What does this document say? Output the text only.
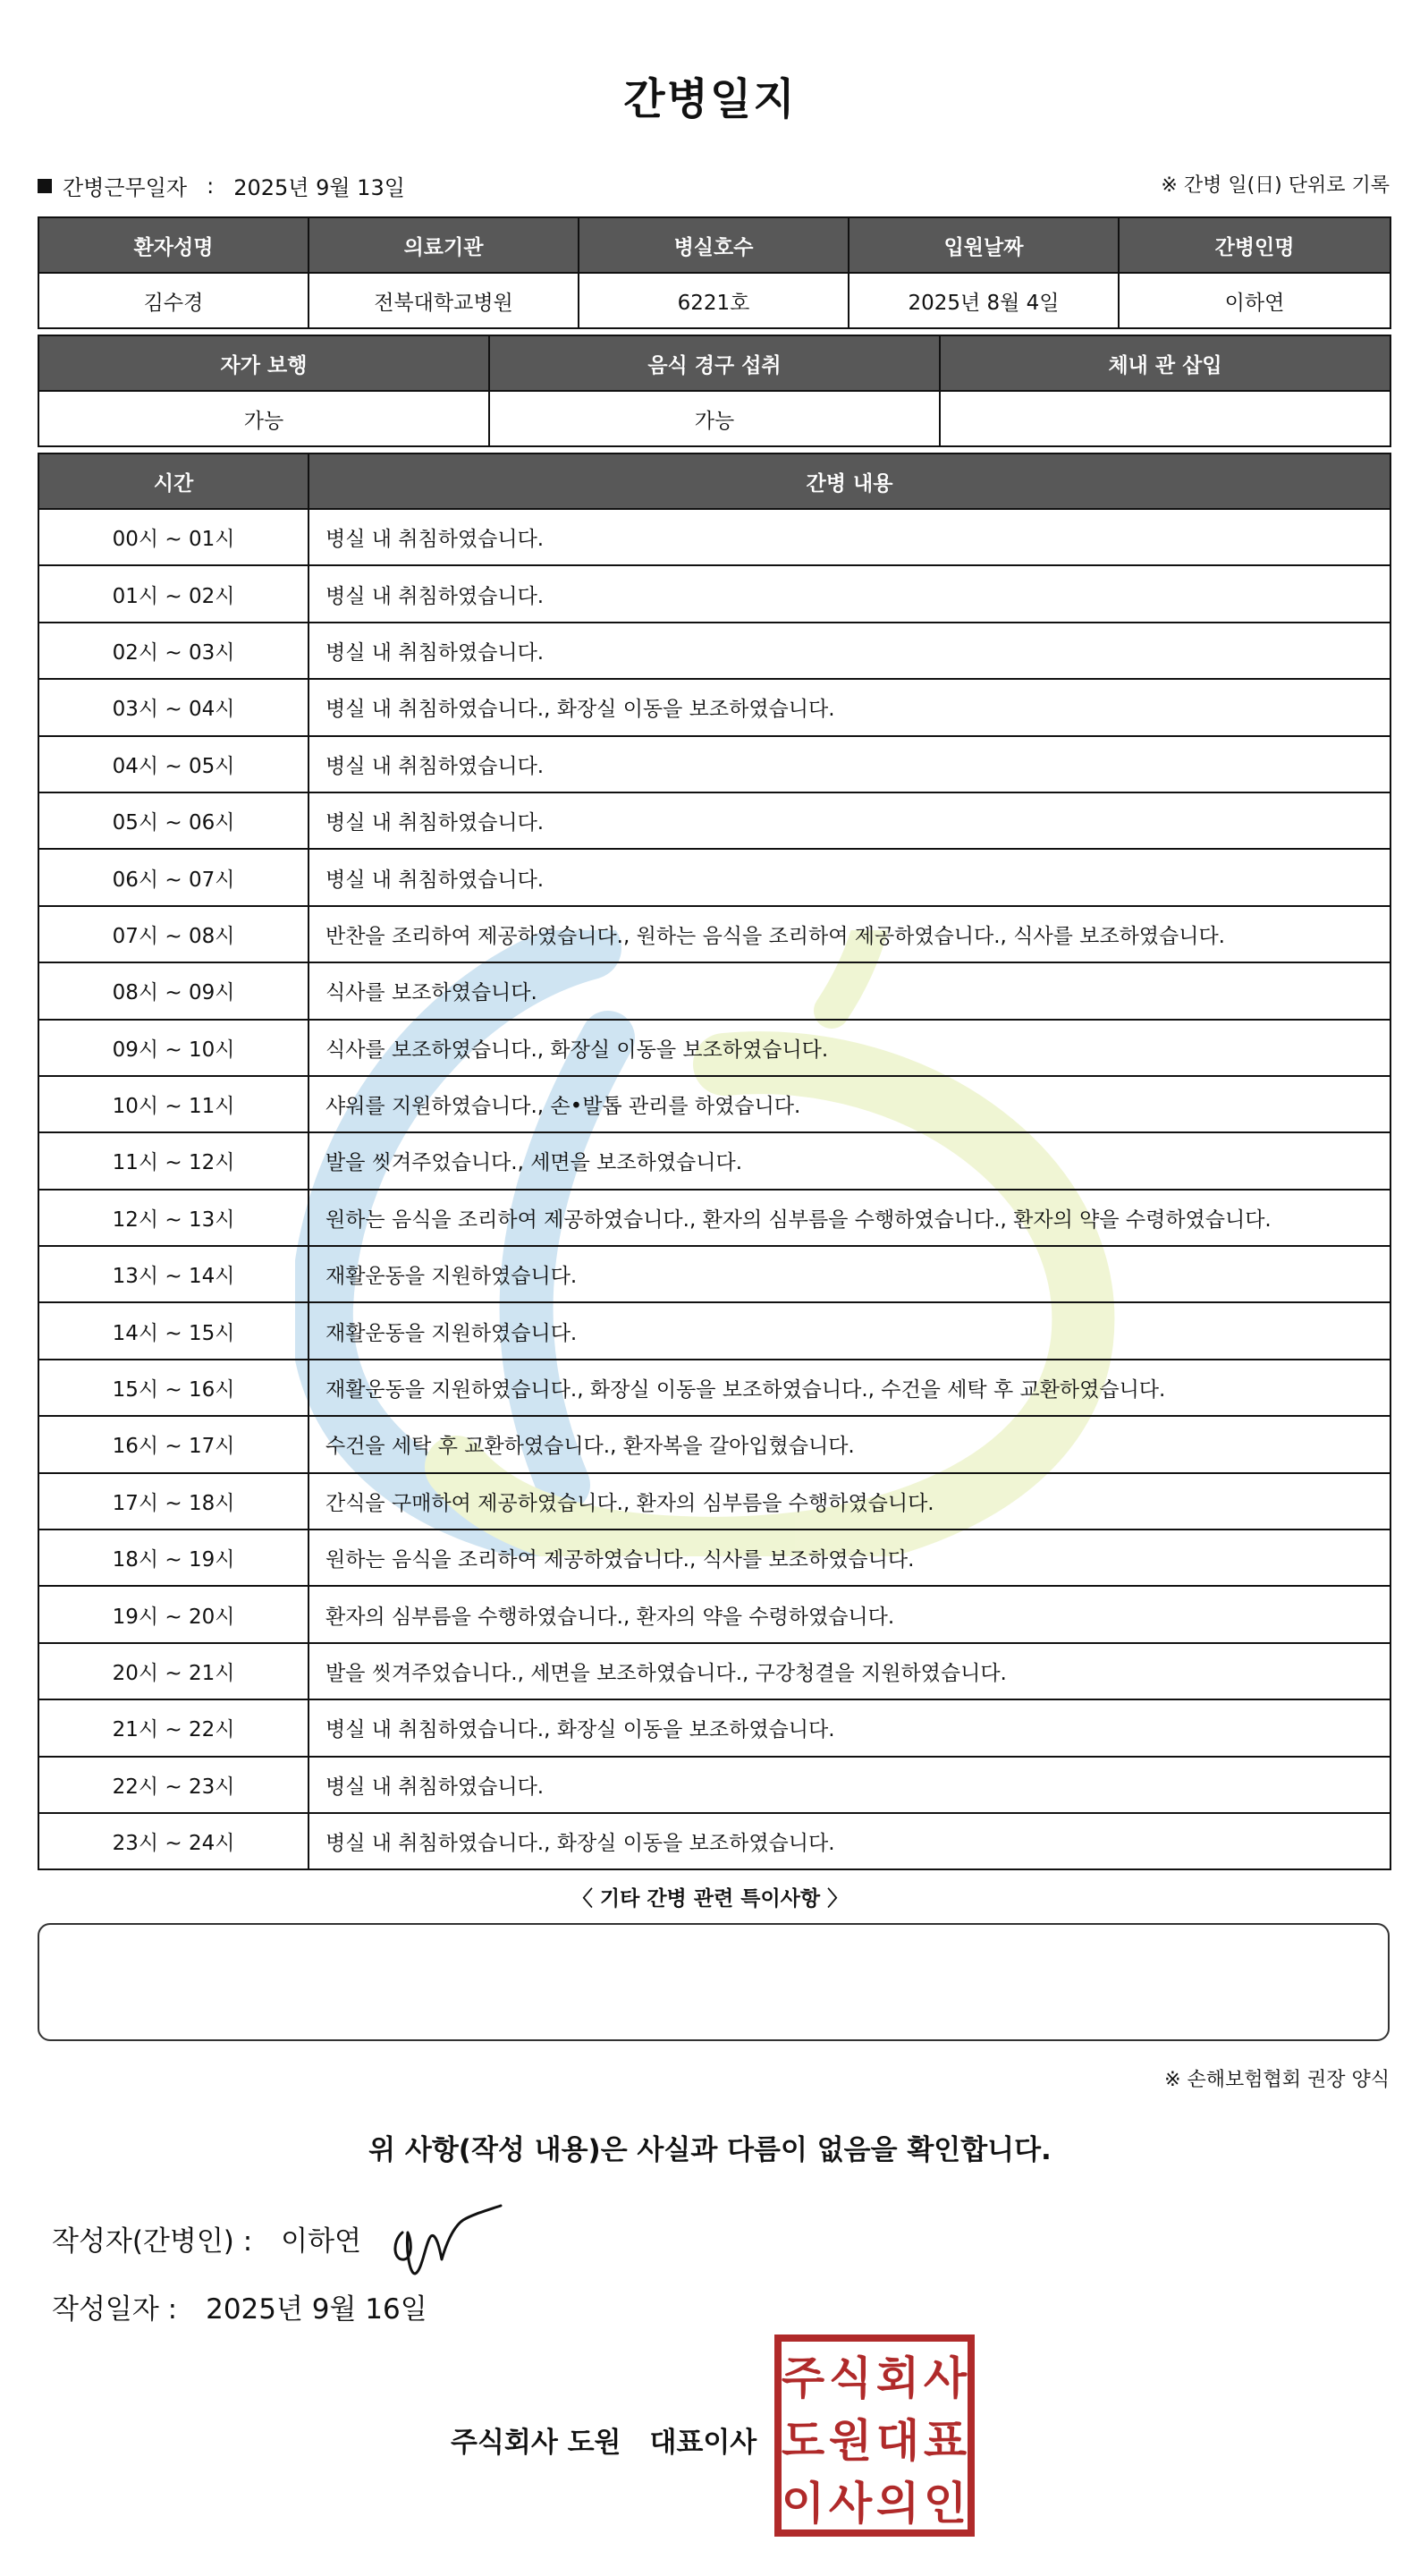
간병일지
간병근무일자 : 2025년 9월 13일	※ 간병 일(日) 단위로 기록
환자성명	의료기관	병실호수	입원날짜	간병인명
김수경	전북대학교병원	6221호	2025년 8월 4일	이하연
자가 보행	음식 경구 섭취	체내 관 삽입
가능	가능	
시간	간병 내용
00시 ~ 01시	병실 내 취침하였습니다.
01시 ~ 02시	병실 내 취침하였습니다.
02시 ~ 03시	병실 내 취침하였습니다.
03시 ~ 04시	병실 내 취침하였습니다., 화장실 이동을 보조하였습니다.
04시 ~ 05시	병실 내 취침하였습니다.
05시 ~ 06시	병실 내 취침하였습니다.
06시 ~ 07시	병실 내 취침하였습니다.
07시 ~ 08시	반찬을 조리하여 제공하였습니다., 원하는 음식을 조리하여 제공하였습니다., 식사를 보조하였습니다.
08시 ~ 09시	식사를 보조하였습니다.
09시 ~ 10시	식사를 보조하였습니다., 화장실 이동을 보조하였습니다.
10시 ~ 11시	샤워를 지원하였습니다., 손•발톱 관리를 하였습니다.
11시 ~ 12시	발을 씻겨주었습니다., 세면을 보조하였습니다.
12시 ~ 13시	원하는 음식을 조리하여 제공하였습니다., 환자의 심부름을 수행하였습니다., 환자의 약을 수령하였습니다.
13시 ~ 14시	재활운동을 지원하였습니다.
14시 ~ 15시	재활운동을 지원하였습니다.
15시 ~ 16시	재활운동을 지원하였습니다., 화장실 이동을 보조하였습니다., 수건을 세탁 후 교환하였습니다.
16시 ~ 17시	수건을 세탁 후 교환하였습니다., 환자복을 갈아입혔습니다.
17시 ~ 18시	간식을 구매하여 제공하였습니다., 환자의 심부름을 수행하였습니다.
18시 ~ 19시	원하는 음식을 조리하여 제공하였습니다., 식사를 보조하였습니다.
19시 ~ 20시	환자의 심부름을 수행하였습니다., 환자의 약을 수령하였습니다.
20시 ~ 21시	발을 씻겨주었습니다., 세면을 보조하였습니다., 구강청결을 지원하였습니다.
21시 ~ 22시	병실 내 취침하였습니다., 화장실 이동을 보조하였습니다.
22시 ~ 23시	병실 내 취침하였습니다.
23시 ~ 24시	병실 내 취침하였습니다., 화장실 이동을 보조하였습니다.
〈 기타 간병 관련 특이사항 〉
※ 손해보험협회 권장 양식
위 사항(작성 내용)은 사실과 다름이 없음을 확인합니다.
작성자(간병인) : 이하연
작성일자 : 2025년 9월 16일
주식회사 도원 대표이사
주 식 회 사
도 원 대 표
이 사 의 인
